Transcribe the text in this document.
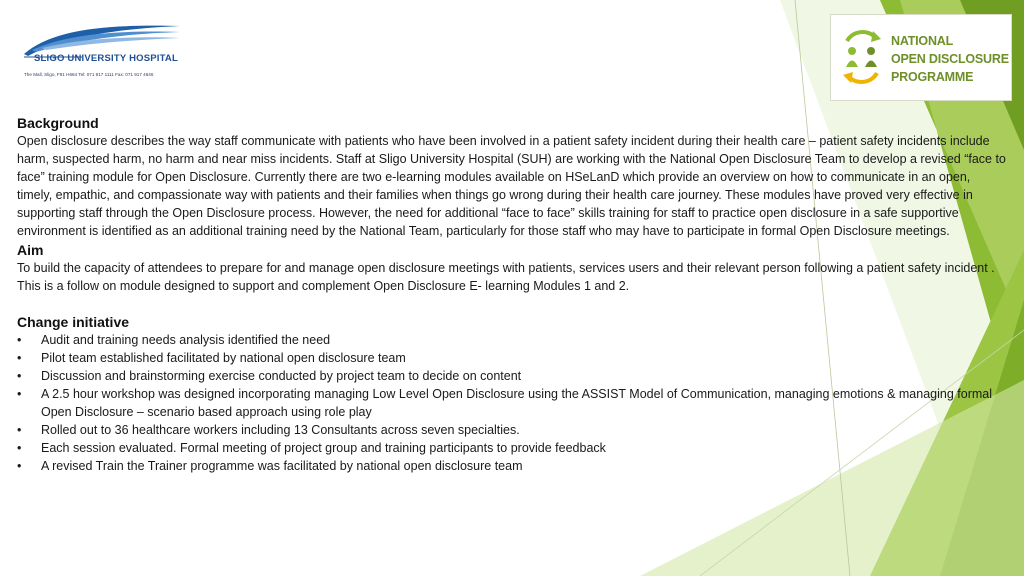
SLIGO UNIVERSITY HOSPITAL
The Mall, Sligo, F91 H684 Tel: 071 917 1111 Fax: 071 917 4646
NATIONAL
OPEN DISCLOSURE
PROGRAMME
Background

Open disclosure describes the way staff communicate with patients who have been involved in a patient safety incident during their health care – patient safety incidents include harm, suspected harm, no harm and near miss incidents. Staff at Sligo University Hospital (SUH) are working with the National Open Disclosure Team to develop a revised “face to face” training module for Open Disclosure. Currently there are two e-learning modules available on HSeLanD which provide an overview on how to communicate in an open, timely, empathic, and compassionate way with patients and their families when things go wrong during their health care journey. These modules have proved very effective in supporting staff through the Open Disclosure process. However, the need for additional “face to face” skills training for staff to practice open disclosure in a safe supportive environment is identified as an additional training need by the National Team, particularly for those staff who may have to participate in formal Open Disclosure meetings.

Aim

To build the capacity of attendees to prepare for and manage open disclosure meetings with patients, services users and their relevant person following a patient safety incident . This is a follow on module designed to support and complement Open Disclosure E- learning Modules 1 and 2.

Change initiative
• Audit and training needs analysis identified the need
• Pilot team established facilitated by national open disclosure team
• Discussion and brainstorming exercise conducted by project team to decide on content
• A 2.5 hour workshop was designed incorporating managing Low Level Open Disclosure using the ASSIST Model of Communication, managing emotions & managing formal Open Disclosure – scenario based approach using role play
• Rolled out to 36 healthcare workers including 13 Consultants across seven specialties.
• Each session evaluated. Formal meeting of project group and training participants to provide feedback
• A revised Train the Trainer programme was facilitated by national open disclosure team
